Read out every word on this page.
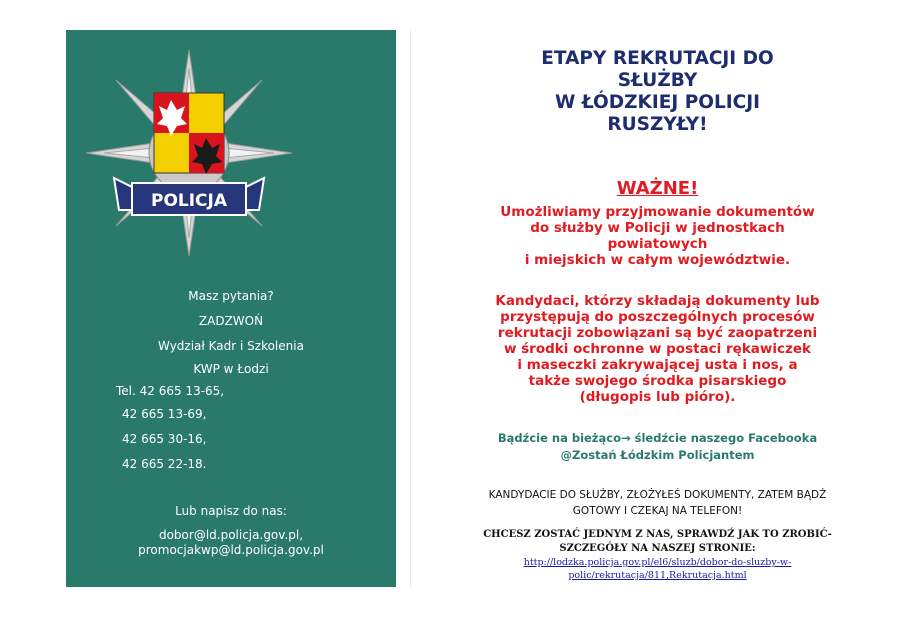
POLICJA
Masz pytania?
ZADZWOŃ
Wydział Kadr i Szkolenia
KWP w Łodzi
Tel. 42 665 13-65,
42 665 13-69,
42 665 30-16,
42 665 22-18.
Lub napisz do nas:
dobor@ld.policja.gov.pl,
promocjakwp@ld.policja.gov.pl
ETAPY REKRUTACJI DO
SŁUŻBY
W ŁÓDZKIEJ POLICJI
RUSZYŁY!
WAŻNE!
Umożliwiamy przyjmowanie dokumentów
do służby w Policji w jednostkach
powiatowych
i miejskich w całym województwie.
Kandydaci, którzy składają dokumenty lub
przystępują do poszczególnych procesów
rekrutacji zobowiązani są być zaopatrzeni
w środki ochronne w postaci rękawiczek
i maseczki zakrywającej usta i nos, a
także swojego środka pisarskiego
(długopis lub pióro).
Bądźcie na bieżąco→ śledźcie naszego Facebooka
@Zostań Łódzkim Policjantem
KANDYDACIE DO SŁUŻBY, ZŁOŻYŁEŚ DOKUMENTY, ZATEM BĄDŹ
GOTOWY I CZEKAJ NA TELEFON!
CHCESZ ZOSTAĆ JEDNYM Z NAS, SPRAWDŹ JAK TO ZROBIĆ-
SZCZEGÓŁY NA NASZEJ STRONIE:
http://lodzka.policja.gov.pl/el6/sluzb/dobor-do-sluzby-w-
polic/rekrutacja/811,Rekrutacja.html
